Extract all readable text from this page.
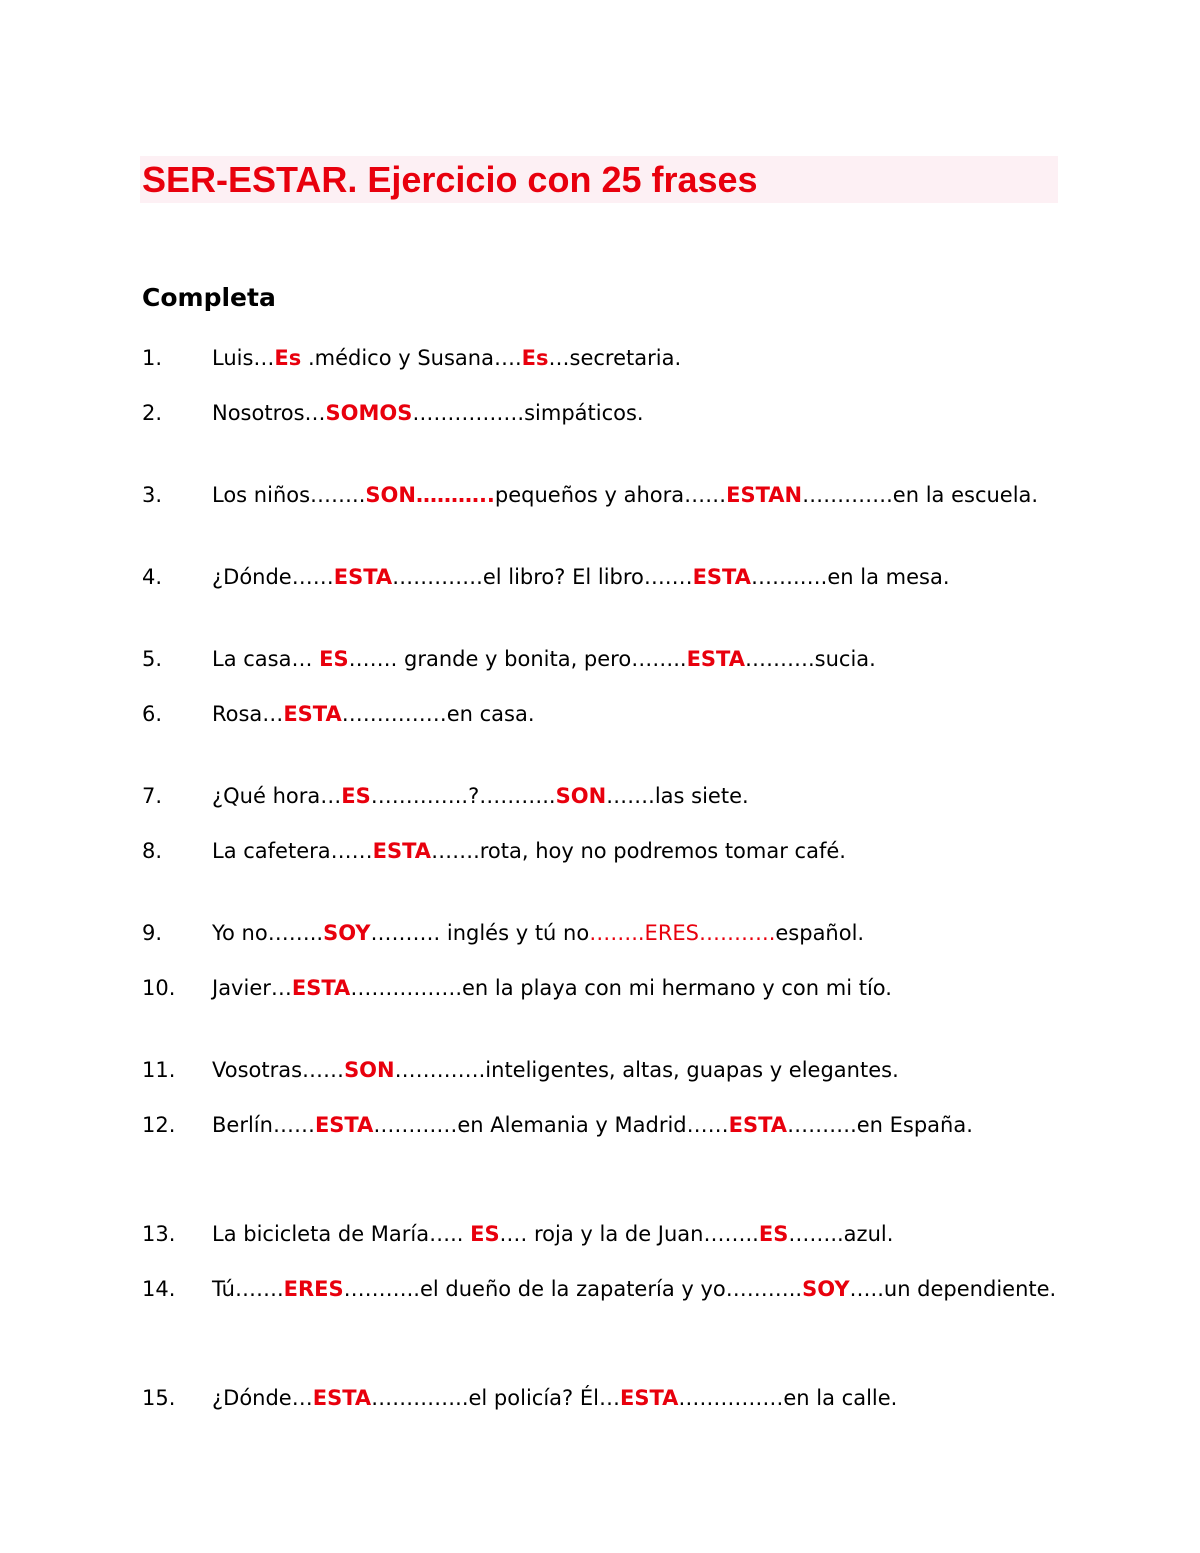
SER-ESTAR. Ejercicio con 25 frases
Completa
1. Luis…Es .médico y Susana….Es…secretaria.
2. Nosotros…SOMOS…………….simpáticos.
3. Los niños……..SON………..pequeños y ahora……ESTAN………….en la escuela.
4. ¿Dónde……ESTA………….el libro? El libro….…ESTA…….….en la mesa.
5. La casa… ES……. grande y bonita, pero……..ESTA……….sucia.
6. Rosa…ESTA……………en casa.
7. ¿Qué hora…ES…………..?………..SON…….las siete.
8. La cafetera……ESTA…….rota, hoy no podremos tomar café.
9. Yo no……..SOY………. inglés y tú no……..ERES………..español.
10. Javier…ESTA…………….en la playa con mi hermano y con mi tío.
11. Vosotras……SON………….inteligentes, altas, guapas y elegantes.
12. Berlín……ESTA…………en Alemania y Madrid……ESTA……….en España.
13. La bicicleta de María….. ES.… roja y la de Juan……..ES……..azul.
14. Tú…….ERES………..el dueño de la zapatería y yo………..SOY…..un dependiente.
15. ¿Dónde…ESTA…………..el policía? Él…ESTA……………en la calle.
